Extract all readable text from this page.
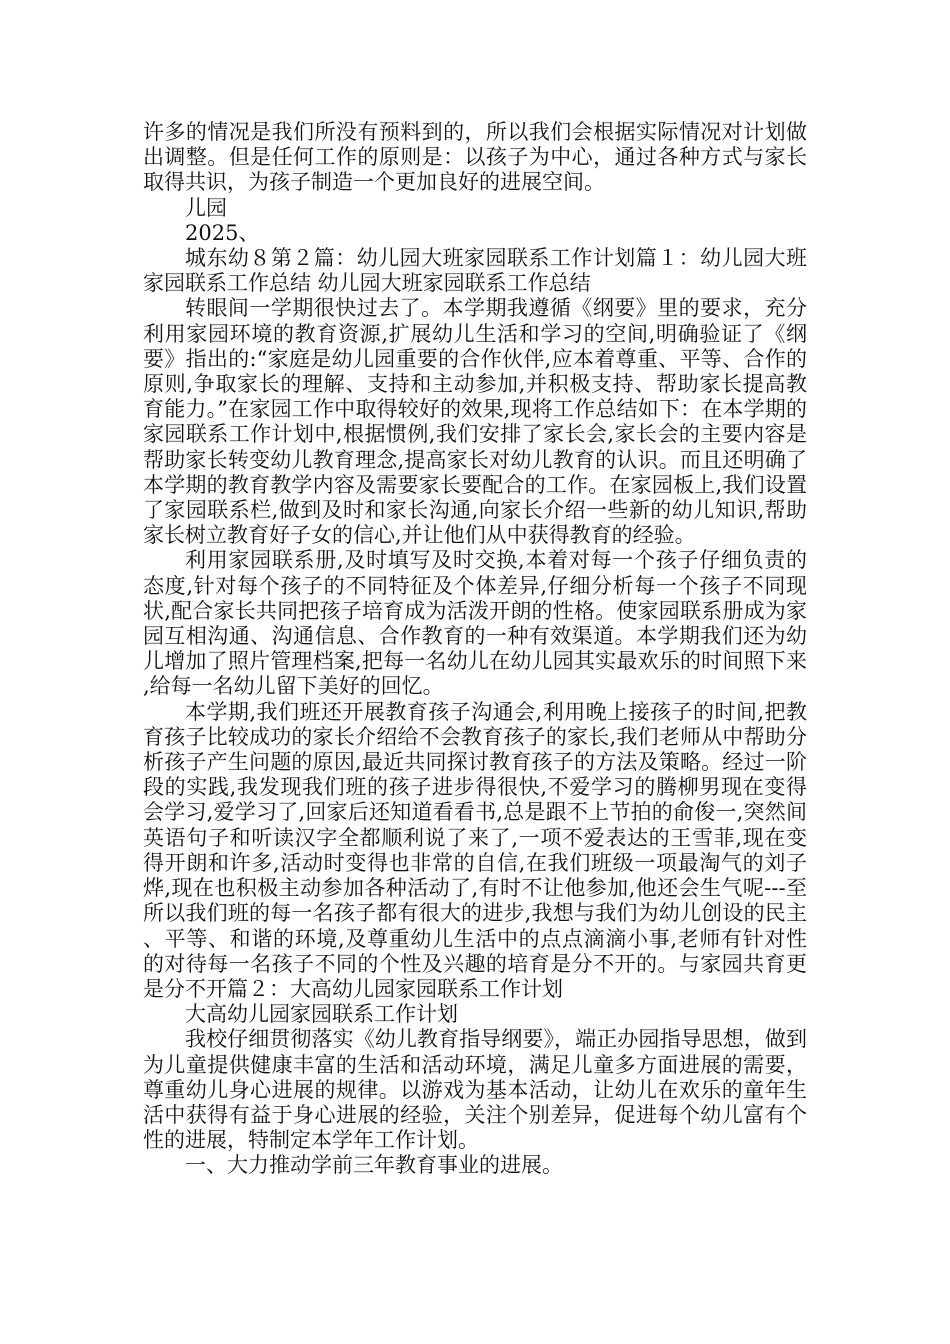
许多的情况是我们所没有预料到的，所以我们会根据实际情况对计划做出调整。但是任何工作的原则是：以孩子为中心，通过各种方式与家长取得共识，为孩子制造一个更加良好的进展空间。

儿园

2025、

城东幼８第２篇：幼儿园大班家园联系工作计划篇１：幼儿园大班家园联系工作总结 幼儿园大班家园联系工作总结

转眼间一学期很快过去了。本学期我遵循《纲要》里的要求，充分利用家园环境的教育资源,扩展幼儿生活和学习的空间,明确验证了《纲要》指出的:“家庭是幼儿园重要的合作伙伴,应本着尊重、平等、合作的原则,争取家长的理解、支持和主动参加,并积极支持、帮助家长提高教育能力。”在家园工作中取得较好的效果,现将工作总结如下：在本学期的家园联系工作计划中,根据惯例,我们安排了家长会,家长会的主要内容是帮助家长转变幼儿教育理念,提高家长对幼儿教育的认识。而且还明确了本学期的教育教学内容及需要家长要配合的工作。在家园板上,我们设置了家园联系栏,做到及时和家长沟通,向家长介绍一些新的幼儿知识,帮助家长树立教育好子女的信心,并让他们从中获得教育的经验。

利用家园联系册,及时填写及时交换,本着对每一个孩子仔细负责的态度,针对每个孩子的不同特征及个体差异,仔细分析每一个孩子不同现状,配合家长共同把孩子培育成为活泼开朗的性格。使家园联系册成为家园互相沟通、沟通信息、合作教育的一种有效渠道。本学期我们还为幼儿增加了照片管理档案,把每一名幼儿在幼儿园其实最欢乐的时间照下来,给每一名幼儿留下美好的回忆。

本学期,我们班还开展教育孩子沟通会,利用晚上接孩子的时间,把教育孩子比较成功的家长介绍给不会教育孩子的家长,我们老师从中帮助分析孩子产生问题的原因,最近共同探讨教育孩子的方法及策略。经过一阶段的实践,我发现我们班的孩子进步得很快,不爱学习的腾柳男现在变得会学习,爱学习了,回家后还知道看看书,总是跟不上节拍的俞俊一,突然间英语句子和听读汉字全都顺利说了来了,一项不爱表达的王雪菲,现在变得开朗和许多,活动时变得也非常的自信,在我们班级一项最淘气的刘子烨,现在也积极主动参加各种活动了,有时不让他参加,他还会生气呢---至所以我们班的每一名孩子都有很大的进步,我想与我们为幼儿创设的民主、平等、和谐的环境,及尊重幼儿生活中的点点滴滴小事,老师有针对性的对待每一名孩子不同的个性及兴趣的培育是分不开的。与家园共育更是分不开篇２：大高幼儿园家园联系工作计划

大高幼儿园家园联系工作计划

我校仔细贯彻落实《幼儿教育指导纲要》，端正办园指导思想，做到为儿童提供健康丰富的生活和活动环境，满足儿童多方面进展的需要，尊重幼儿身心进展的规律。以游戏为基本活动，让幼儿在欢乐的童年生活中获得有益于身心进展的经验，关注个别差异，促进每个幼儿富有个性的进展，特制定本学年工作计划。

一、大力推动学前三年教育事业的进展。
